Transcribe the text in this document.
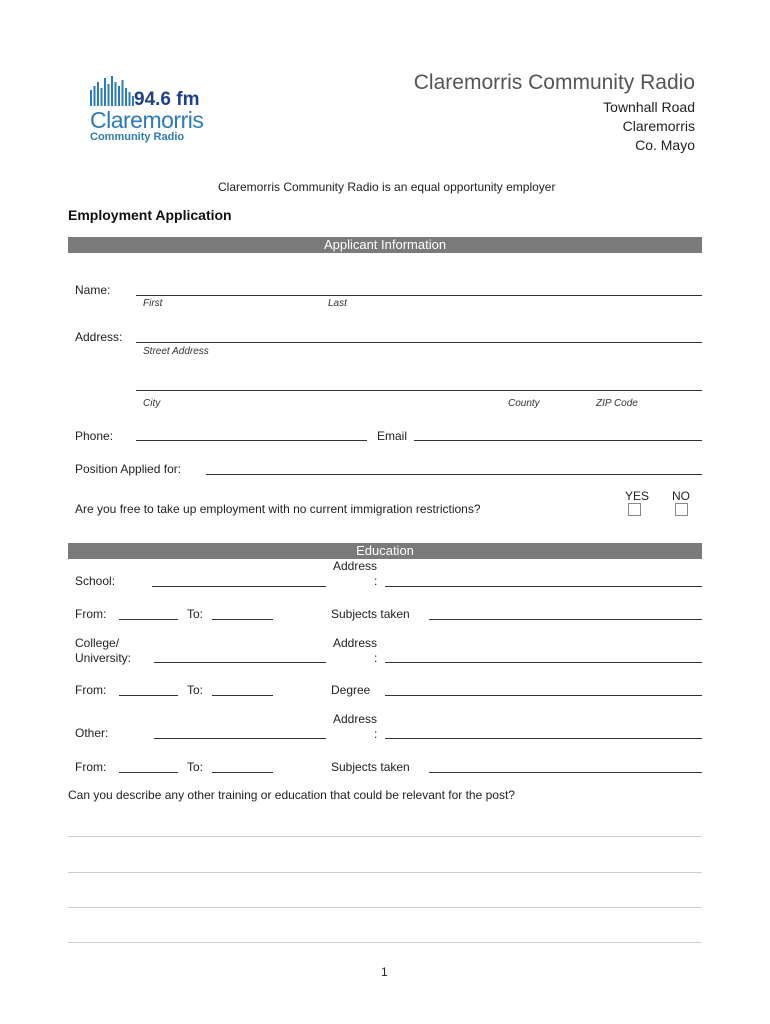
94.6 fm
Claremorris
Community Radio
Claremorris Community Radio
Townhall Road
Claremorris
Co. Mayo
Claremorris Community Radio is an equal opportunity employer
Employment Application
Applicant Information
Name:
First	Last
Address:
Street Address
City	County	ZIP Code
Phone:	Email
Position Applied for:
Are you free to take up employment with no current immigration restrictions?
YES NO
Education
School:
Address
:
From:	To:	Subjects taken
College/
University:
Address
:
From:	To:	Degree
Other:
Address
:
From:	To:	Subjects taken
Can you describe any other training or education that could be relevant for the post?
1
